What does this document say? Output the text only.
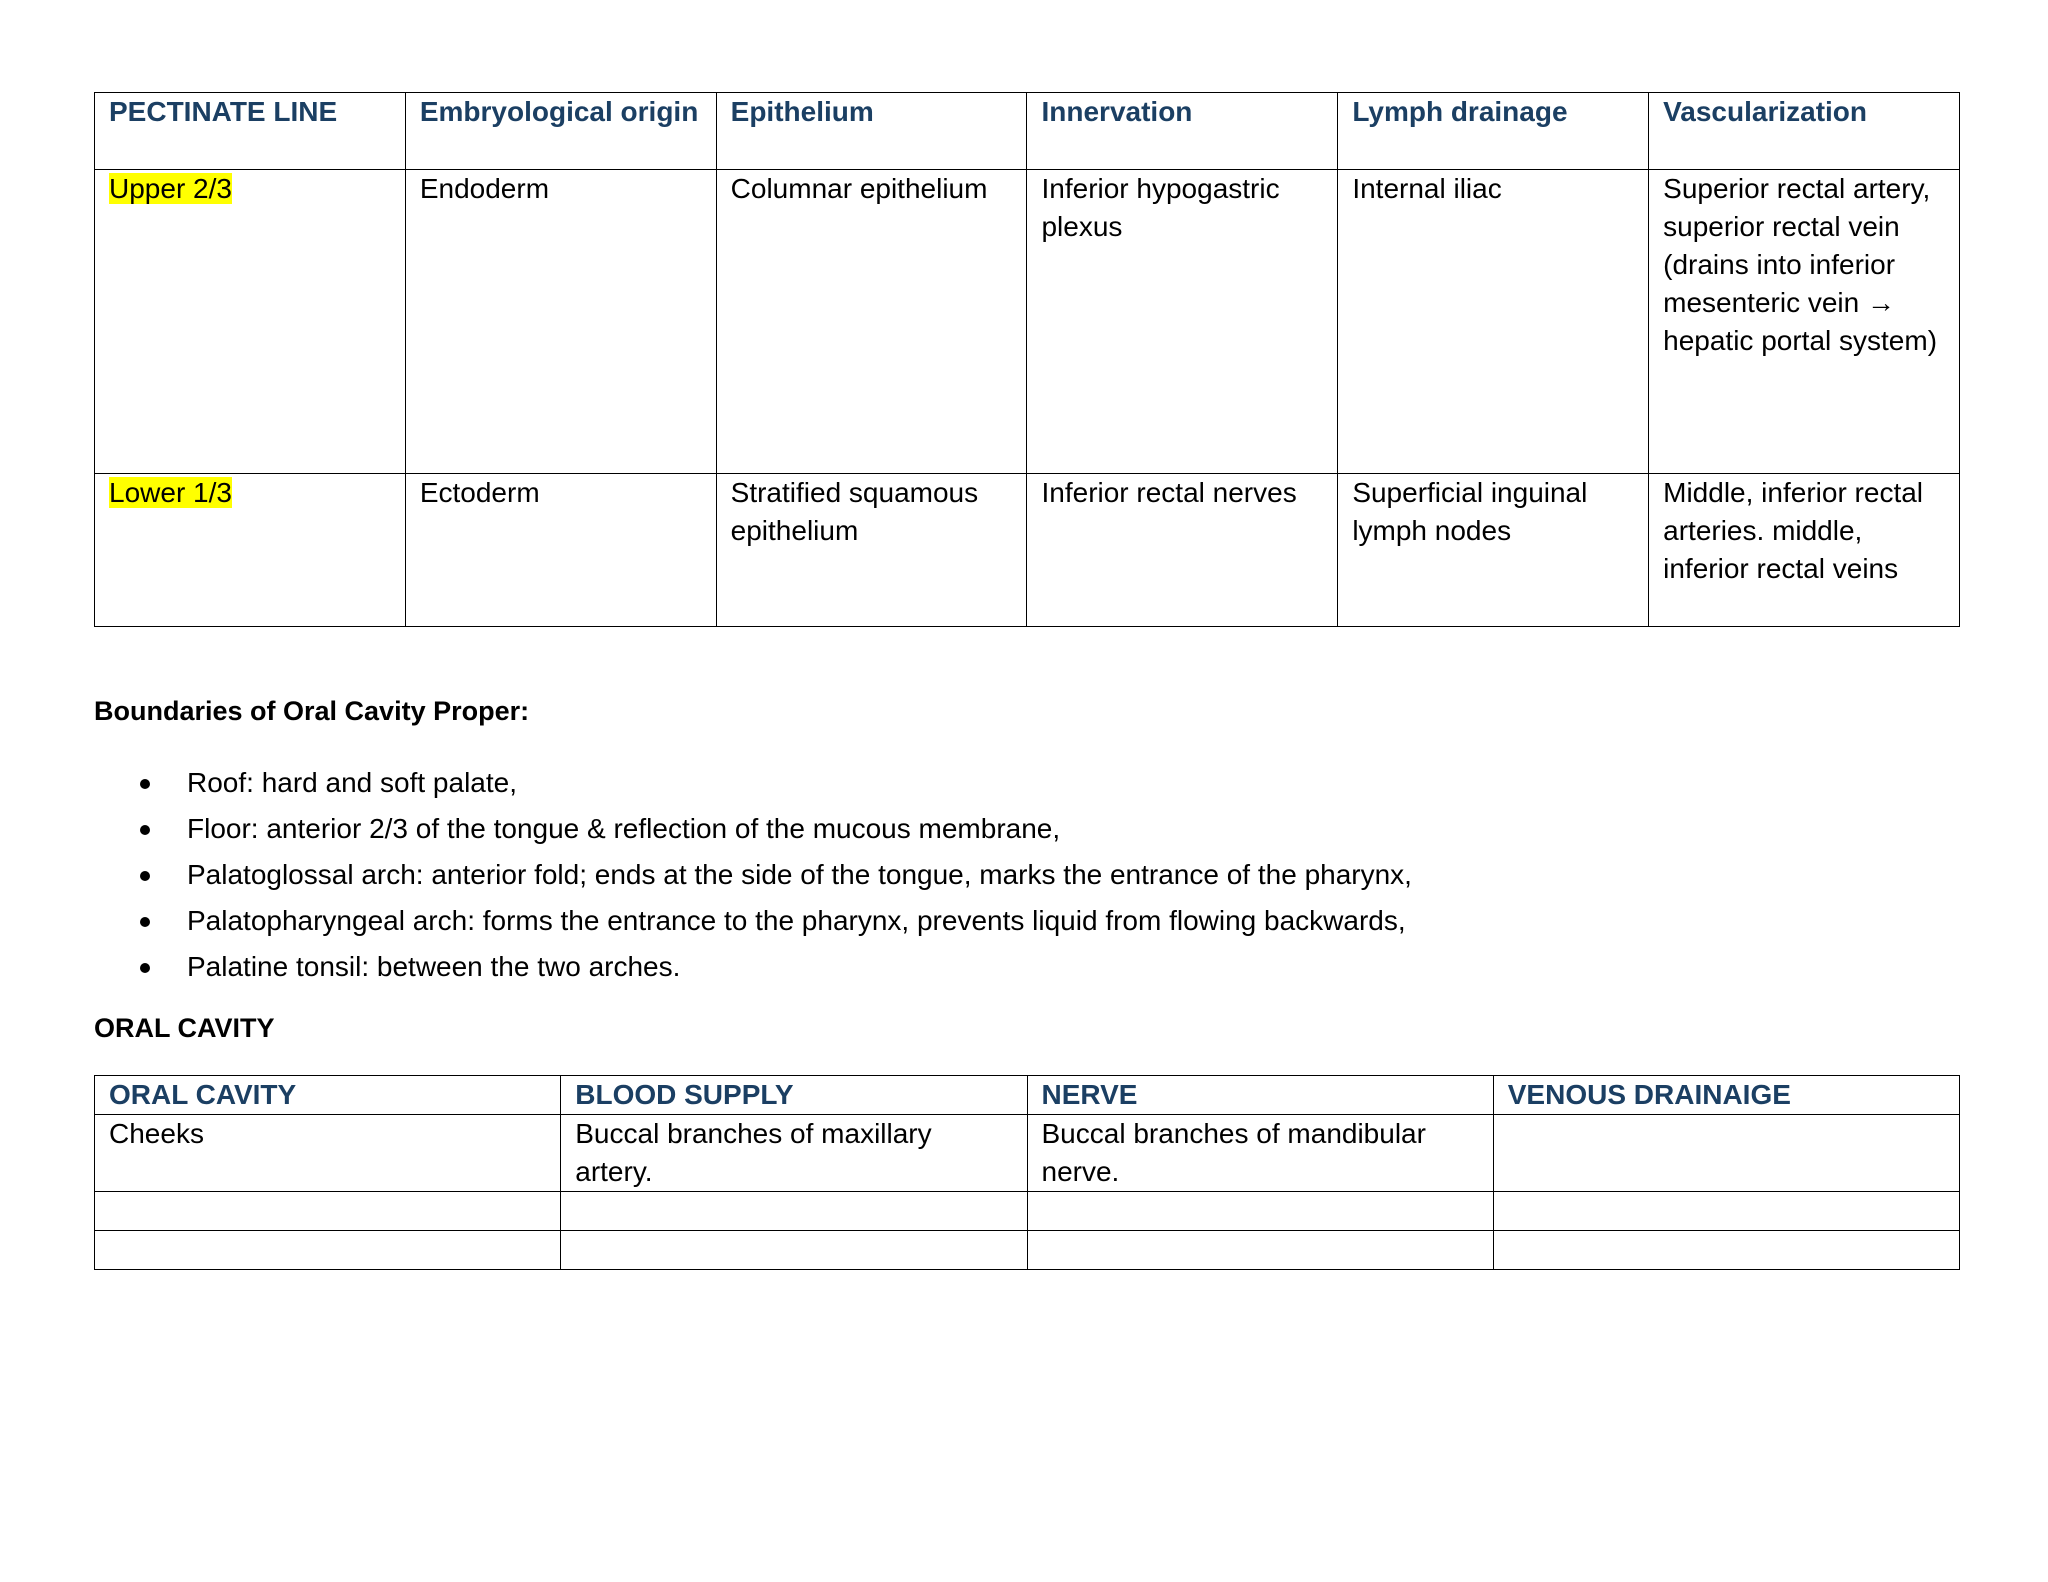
PECTINATE LINE	Embryological origin	Epithelium	Innervation	Lymph drainage	Vascularization
Upper 2/3	Endoderm	Columnar epithelium	Inferior hypogastric plexus	Internal iliac	Superior rectal artery, superior rectal vein (drains into inferior mesenteric vein → hepatic portal system)
Lower 1/3	Ectoderm	Stratified squamous epithelium	Inferior rectal nerves	Superficial inguinal lymph nodes	Middle, inferior rectal arteries. middle, inferior rectal veins
Boundaries of Oral Cavity Proper:
Roof: hard and soft palate,
Floor: anterior 2/3 of the tongue & reflection of the mucous membrane,
Palatoglossal arch: anterior fold; ends at the side of the tongue, marks the entrance of the pharynx,
Palatopharyngeal arch: forms the entrance to the pharynx, prevents liquid from flowing backwards,
Palatine tonsil: between the two arches.
ORAL CAVITY
ORAL CAVITY	BLOOD SUPPLY	NERVE	VENOUS DRAINAIGE
Cheeks	Buccal branches of maxillary artery.	Buccal branches of mandibular nerve.	
